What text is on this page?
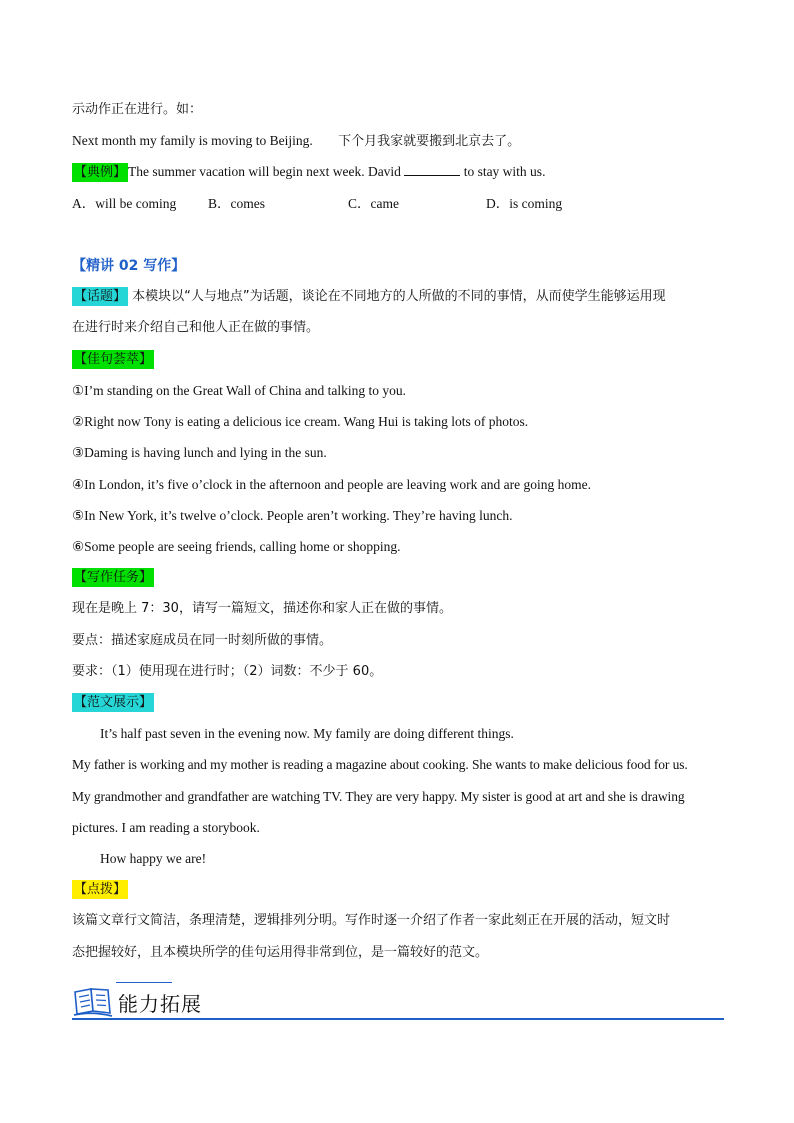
示动作正在进行。如：
Next month my family is moving to Beijing. 下个月我家就要搬到北京去了。
【典例】 The summer vacation will begin next week. David	to stay with us.
A．will be coming B．comes	C．came	D．is coming
【精讲 02 写作】
【话题】 本模块以“人与地点”为话题，谈论在不同地方的人所做的不同的事情，从而使学生能够运用现
在进行时来介绍自己和他人正在做的事情。
【佳句荟萃】
①I’m standing on the Great Wall of China and talking to you.
②Right now Tony is eating a delicious ice cream. Wang Hui is taking lots of photos.
③Daming is having lunch and lying in the sun.
④In London, it’s five o’clock in the afternoon and people are leaving work and are going home.
⑤In New York, it’s twelve o’clock. People aren’t working. They’re having lunch.
⑥Some people are seeing friends, calling home or shopping.
【写作任务】
现在是晚上 7：30，请写一篇短文，描述你和家人正在做的事情。
要点：描述家庭成员在同一时刻所做的事情。
要求：（1）使用现在进行时；（2）词数：不少于 60。
【范文展示】
It’s half past seven in the evening now. My family are doing different things.
My father is working and my mother is reading a magazine about cooking. She wants to make delicious food for us.
My grandmother and grandfather are watching TV. They are very happy. My sister is good at art and she is drawing
pictures. I am reading a storybook.
How happy we are!
【点拨】
该篇文章行文简洁，条理清楚，逻辑排列分明。写作时逐一介绍了作者一家此刻正在开展的活动，短文时
态把握较好，且本模块所学的佳句运用得非常到位，是一篇较好的范文。
能力拓展
